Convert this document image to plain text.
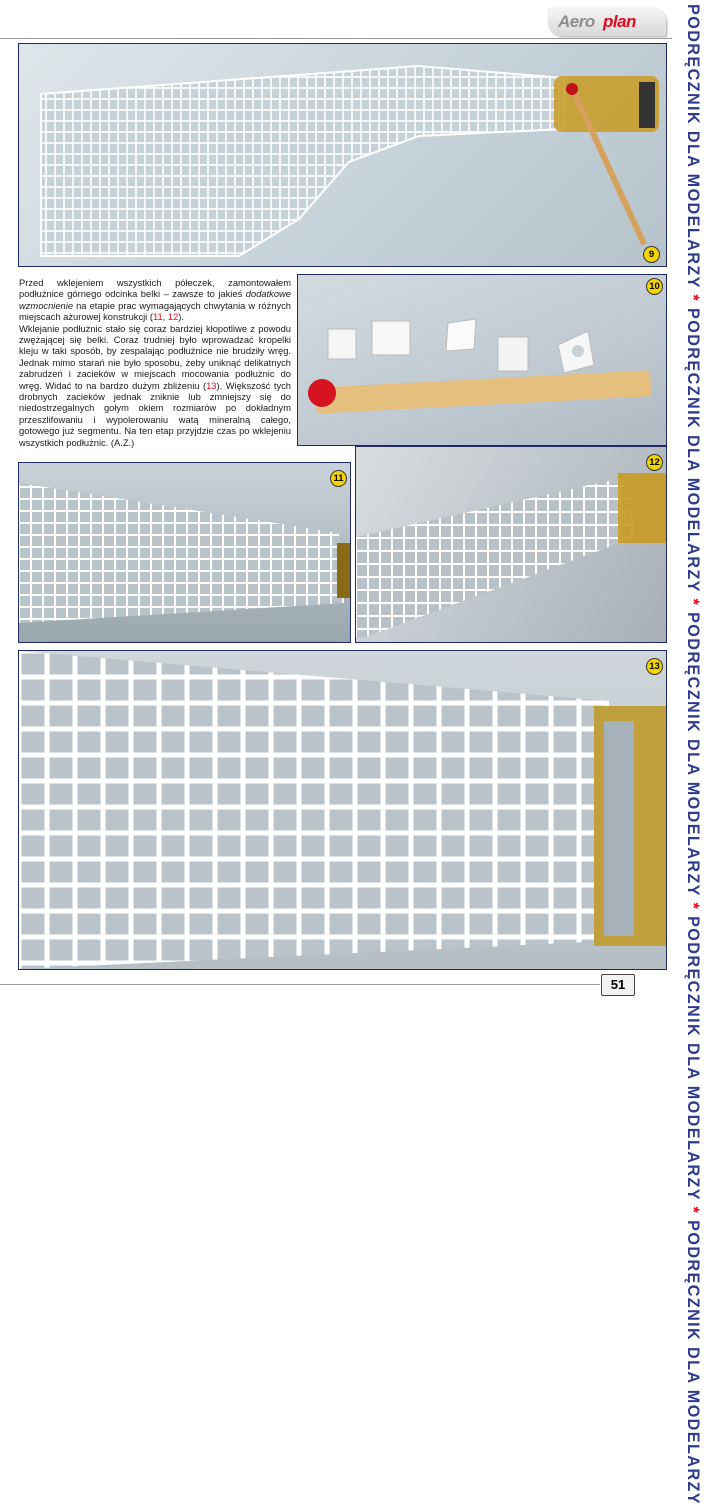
Aero plan	PODRĘCZNIK DLA MODELARZY * PODRĘCZNIK DLA MODELARZY * PODRĘCZNIK DLA MODELARZY * PODRĘCZNIK DLA MODELARZY * PODRĘCZNIK DLA MODELARZY
9
10

Przed wklejeniem wszystkich półeczek, zamontowałem podłużnice górnego odcinka belki – zawsze to jakieś dodatkowe wzmocnienie na etapie prac wymagających chwytania w różnych miejscach ażurowej konstrukcji (11, 12).

Wklejanie podłużnic stało się coraz bardziej kłopotliwe z powodu zwężającej się belki. Coraz trudniej było wprowadzać kropelki kleju w taki sposób, by zespalając podłużnice nie brudziły wręg. Jednak mimo starań nie było sposobu, żeby uniknąć delikatnych zabrudzeń i zacieków w miejscach mocowania podłużnic do wręg. Widać to na bardzo dużym zbliżeniu (13). Większość tych drobnych zacieków jednak zniknie lub zmniejszy się do niedostrzegalnych gołym okiem rozmiarów po dokładnym przeszlifowaniu i wypolerowaniu watą mineralną całego, gotowego już segmentu. Na ten etap przyjdzie czas po wklejeniu wszystkich podłużnic. (A.Z.)

11
12
13
51
